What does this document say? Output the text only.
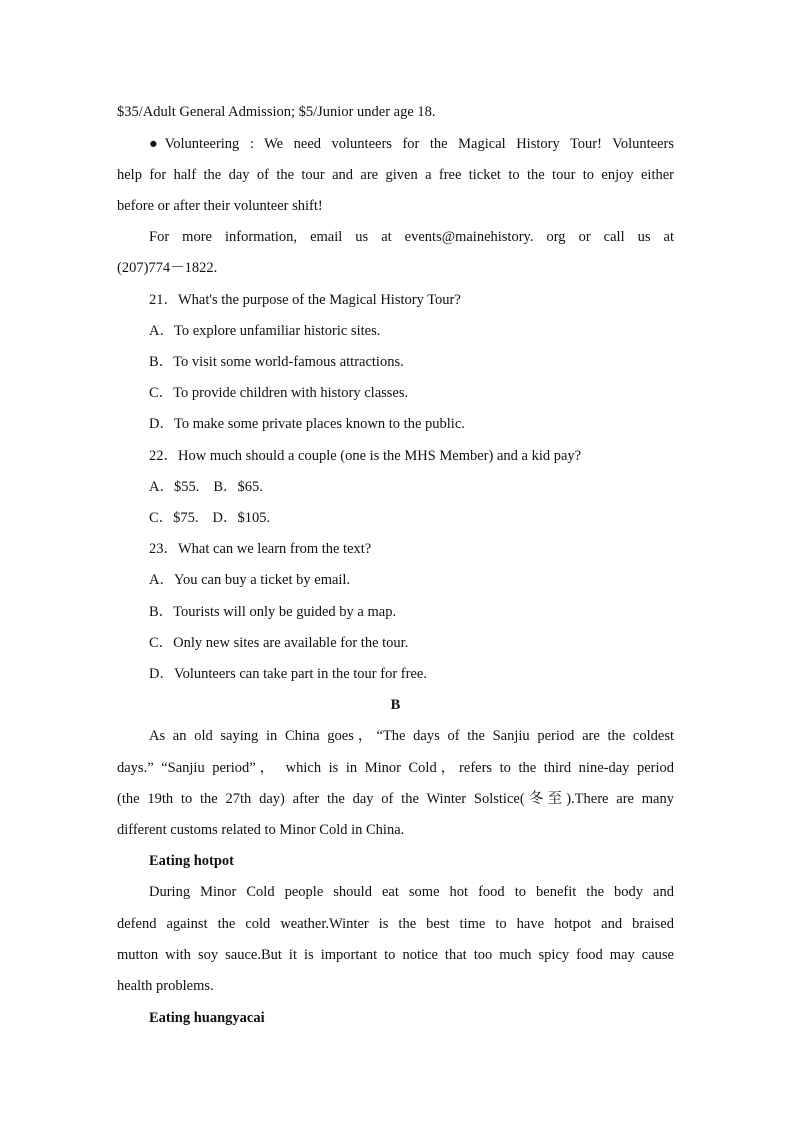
$35/Adult General Admission; $5/Junior under age 18.
●Volunteering : We need volunteers for the Magical History Tour! Volunteers
help for half the day of the tour and are given a free ticket to the tour to enjoy either
before or after their volunteer shift!
For more information, email us at events@mainehistory. org or call us at
(207)774－1822.
21．What's the purpose of the Magical History Tour?
A．To explore unfamiliar historic sites.
B．To visit some world-famous attractions.
C．To provide children with history classes.
D．To make some private places known to the public.
22．How much should a couple (one is the MHS Member) and a kid pay?
A．$55. B．$65.
C．$75. D．$105.
23．What can we learn from the text?
A．You can buy a ticket by email.
B．Tourists will only be guided by a map.
C．Only new sites are available for the tour.
D．Volunteers can take part in the tour for free.
B
As an old saying in China goes，“The days of the Sanjiu period are the coldest
days.” “Sanjiu period”， which is in Minor Cold，refers to the third nine-day period
(the 19th to the 27th day) after the day of the Winter Solstice(冬至).There are many
different customs related to Minor Cold in China.
Eating hotpot
During Minor Cold people should eat some hot food to benefit the body and
defend against the cold weather.Winter is the best time to have hotpot and braised
mutton with soy sauce.But it is important to notice that too much spicy food may cause
health problems.
Eating huangyacai
